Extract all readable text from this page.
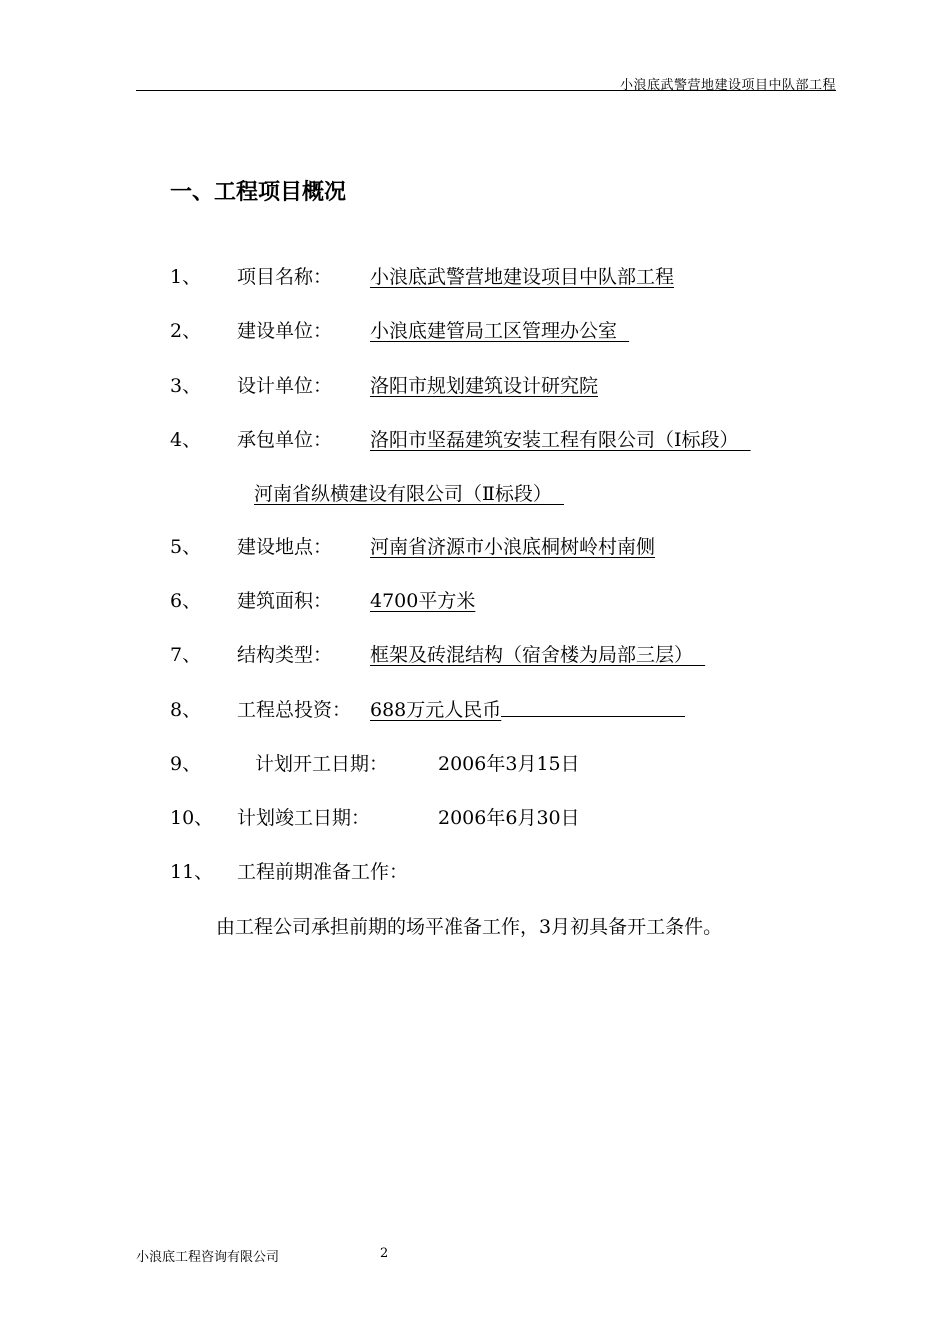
小浪底武警营地建设项目中队部工程
一、工程项目概况
1、 项目名称： 小浪底武警营地建设项目中队部工程
2、 建设单位： 小浪底建管局工区管理办公室
3、 设计单位： 洛阳市规划建筑设计研究院
4、 承包单位： 洛阳市坚磊建筑安装工程有限公司（Ⅰ标段）
河南省纵横建设有限公司（Ⅱ标段）
5、 建设地点： 河南省济源市小浪底桐树岭村南侧
6、 建筑面积： 4700平方米
7、 结构类型： 框架及砖混结构（宿舍楼为局部三层）
8、 工程总投资： 688万元人民币
9、	计划开工日期：	2006年3月15日
10、 计划竣工日期：	2006年6月30日
11、 工程前期准备工作：
由工程公司承担前期的场平准备工作，3月初具备开工条件。
小浪底工程咨询有限公司	2
